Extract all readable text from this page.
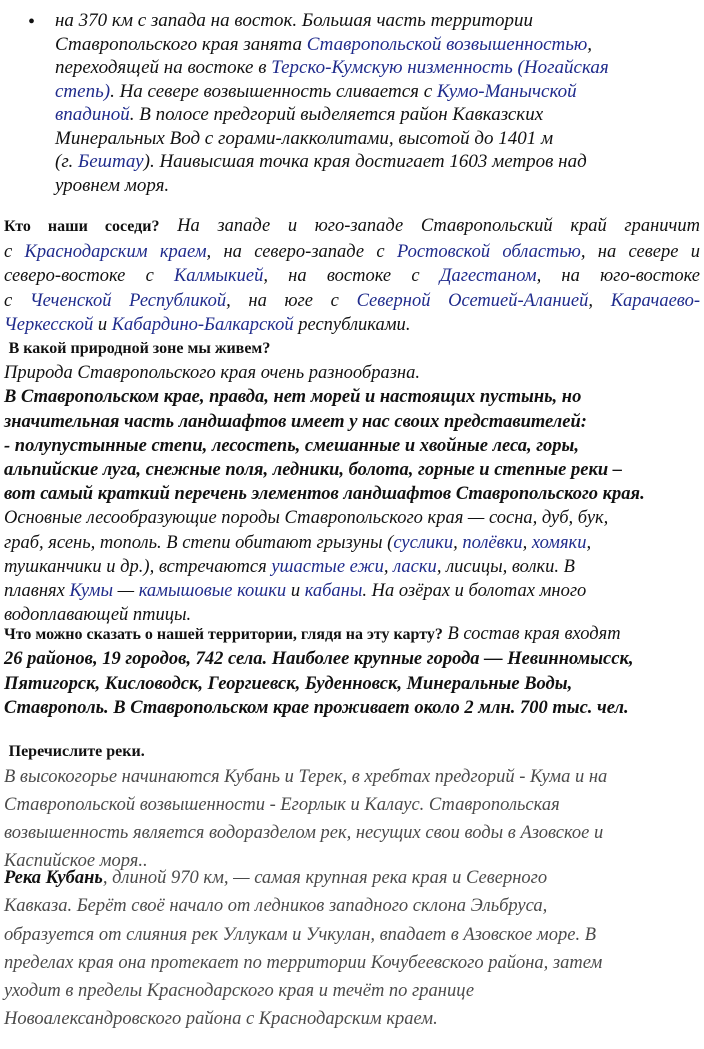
• на 370 км с запада на восток. Большая часть территории
Ставропольского края занята Ставропольской возвышенностью,
переходящей на востоке в Терско-Кумскую низменность (Ногайская
степь). На севере возвышенность сливается с Кумо-Манычской
впадиной. В полосе предгорий выделяется район Кавказских
Минеральных Вод с горами-лакколитами, высотой до 1401 м
(г. Бештау). Наивысшая точка края достигает 1603 метров над
уровнем моря.
Кто наши соседи? На западе и юго-западе Ставропольский край граничит
с Краснодарским краем, на северо-западе с Ростовской областью, на севере и
северо-востоке с Калмыкией, на востоке с Дагестаном, на юго-востоке
с Чеченской Республикой, на юге с Северной Осетией-Аланией, Карачаево-
Черкесской и Кабардино-Балкарской республиками.
В какой природной зоне мы живем?
Природа Ставропольского края очень разнообразна.
В Ставропольском крае, правда, нет морей и настоящих пустынь, но
значительная часть ландшафтов имеет у нас своих представителей:
- полупустынные степи, лесостепь, смешанные и хвойные леса, горы,
альпийские луга, снежные поля, ледники, болота, горные и степные реки –
вот самый краткий перечень элементов ландшафтов Ставропольского края.
Основные лесообразующие породы Ставропольского края — сосна, дуб, бук,
граб, ясень, тополь. В степи обитают грызуны (суслики, полёвки, хомяки,
тушканчики и др.), встречаются ушастые ежи, ласки, лисицы, волки. В
плавнях Кумы — камышовые кошки и кабаны. На озёрах и болотах много
водоплавающей птицы.
Что можно сказать о нашей территории, глядя на эту карту? В состав края входят
26 районов, 19 городов, 742 села. Наиболее крупные города — Невинномысск,
Пятигорск, Кисловодск, Георгиевск, Буденновск, Минеральные Воды,
Ставрополь. В Ставропольском крае проживает около 2 млн. 700 тыс. чел.
Перечислите реки.
В высокогорье начинаются Кубань и Терек, в хребтах предгорий - Кума и на
Ставропольской возвышенности - Егорлык и Калаус. Ставропольская
возвышенность является водоразделом рек, несущих свои воды в Азовское и
Каспийское моря..
Река Кубань, длиной 970 км, — самая крупная река края и Северного
Кавказа. Берёт своё начало от ледников западного склона Эльбруса,
образуется от слияния рек Уллукам и Учкулан, впадает в Азовское море. В
пределах края она протекает по территории Кочубеевского района, затем
уходит в пределы Краснодарского края и течёт по границе
Новоалександровского района с Краснодарским краем.
